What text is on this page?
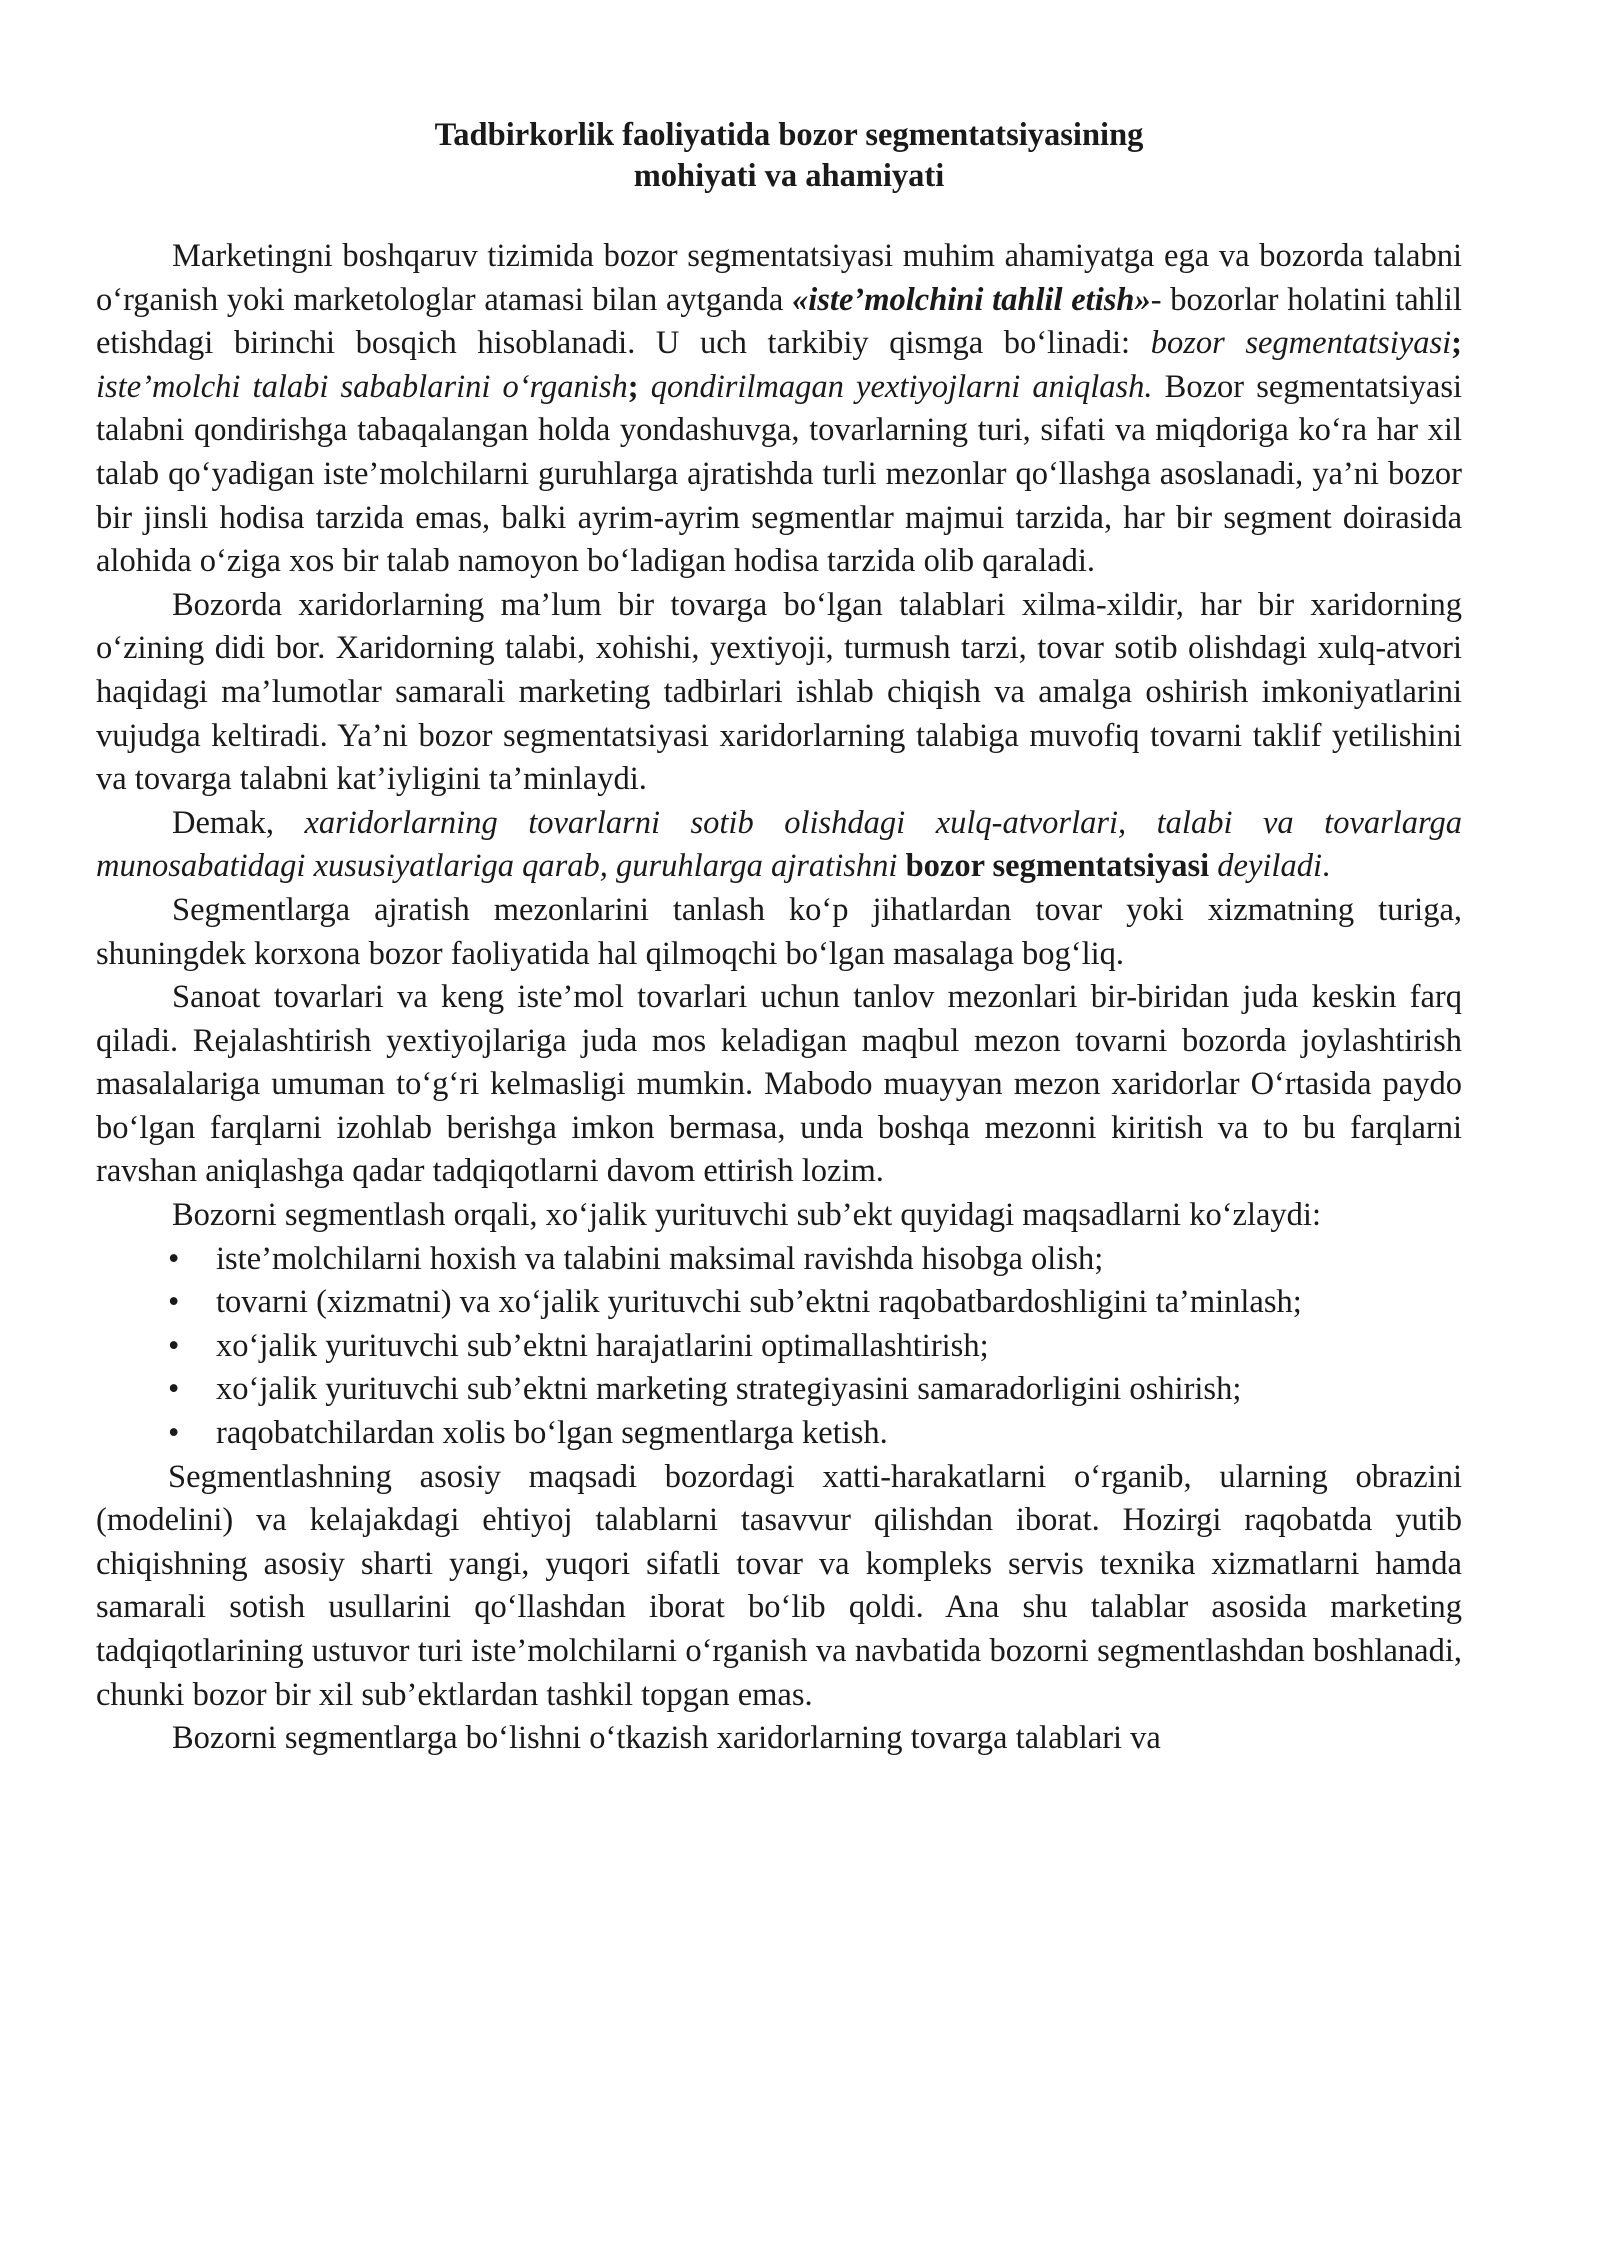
Tadbirkorlik faoliyatida bozor segmentatsiyasining
mohiyati va ahamiyati

Marketingni boshqaruv tizimida bozor segmentatsiyasi muhim ahamiyatga ega va bozorda talabni o‘rganish yoki marketologlar atamasi bilan aytganda «iste’molchini tahlil etish»- bozorlar holatini tahlil etishdagi birinchi bosqich hisoblanadi. U uch tarkibiy qismga bo‘linadi: bozor segmentatsiyasi; iste’molchi talabi sabablarini o‘rganish; qondirilmagan yextiyojlarni aniqlash. Bozor segmentatsiyasi talabni qondirishga tabaqalangan holda yondashuvga, tovarlarning turi, sifati va miqdoriga ko‘ra har xil talab qo‘yadigan iste’molchilarni guruhlarga ajratishda turli mezonlar qo‘llashga asoslanadi, ya’ni bozor bir jinsli hodisa tarzida emas, balki ayrim-ayrim segmentlar majmui tarzida, har bir segment doirasida alohida o‘ziga xos bir talab namoyon bo‘ladigan hodisa tarzida olib qaraladi.

Bozorda xaridorlarning ma’lum bir tovarga bo‘lgan talablari xilma-xildir, har bir xaridorning o‘zining didi bor. Xaridorning talabi, xohishi, yextiyoji, turmush tarzi, tovar sotib olishdagi xulq-atvori haqidagi ma’lumotlar samarali marketing tadbirlari ishlab chiqish va amalga oshirish imkoniyatlarini vujudga keltiradi. Ya’ni bozor segmentatsiyasi xaridorlarning talabiga muvofiq tovarni taklif yetilishini va tovarga talabni kat’iyligini ta’minlaydi.

Demak, xaridorlarning tovarlarni sotib olishdagi xulq-atvorlari, talabi va tovarlarga munosabatidagi xususiyatlariga qarab, guruhlarga ajratishni bozor segmentatsiyasi deyiladi.

Segmentlarga ajratish mezonlarini tanlash ko‘p jihatlardan tovar yoki xizmatning turiga, shuningdek korxona bozor faoliyatida hal qilmoqchi bo‘lgan masalaga bog‘liq.

Sanoat tovarlari va keng iste’mol tovarlari uchun tanlov mezonlari bir-biridan juda keskin farq qiladi. Rejalashtirish yextiyojlariga juda mos keladigan maqbul mezon tovarni bozorda joylashtirish masalalariga umuman to‘g‘ri kelmasligi mumkin. Mabodo muayyan mezon xaridorlar O‘rtasida paydo bo‘lgan farqlarni izohlab berishga imkon bermasa, unda boshqa mezonni kiritish va to bu farqlarni ravshan aniqlashga qadar tadqiqotlarni davom ettirish lozim.

Bozorni segmentlash orqali, xo‘jalik yurituvchi sub’ekt quyidagi maqsadlarni ko‘zlaydi:

• iste’molchilarni hoxish va talabini maksimal ravishda hisobga olish;
• tovarni (xizmatni) va xo‘jalik yurituvchi sub’ektni raqobatbardoshligini ta’minlash;
• xo‘jalik yurituvchi sub’ektni harajatlarini optimallashtirish;
• xo‘jalik yurituvchi sub’ektni marketing strategiyasini samaradorligini oshirish;
• raqobatchilardan xolis bo‘lgan segmentlarga ketish.

Segmentlashning asosiy maqsadi bozordagi xatti-harakatlarni o‘rganib, ularning obrazini (modelini) va kelajakdagi ehtiyoj talablarni tasavvur qilishdan iborat. Hozirgi raqobatda yutib chiqishning asosiy sharti yangi, yuqori sifatli tovar va kompleks servis texnika xizmatlarni hamda samarali sotish usullarini qo‘llashdan iborat bo‘lib qoldi. Ana shu talablar asosida marketing tadqiqotlarining ustuvor turi iste’molchilarni o‘rganish va navbatida bozorni segmentlashdan boshlanadi, chunki bozor bir xil sub’ektlardan tashkil topgan emas.

Bozorni segmentlarga bo‘lishni o‘tkazish xaridorlarning tovarga talablari va
